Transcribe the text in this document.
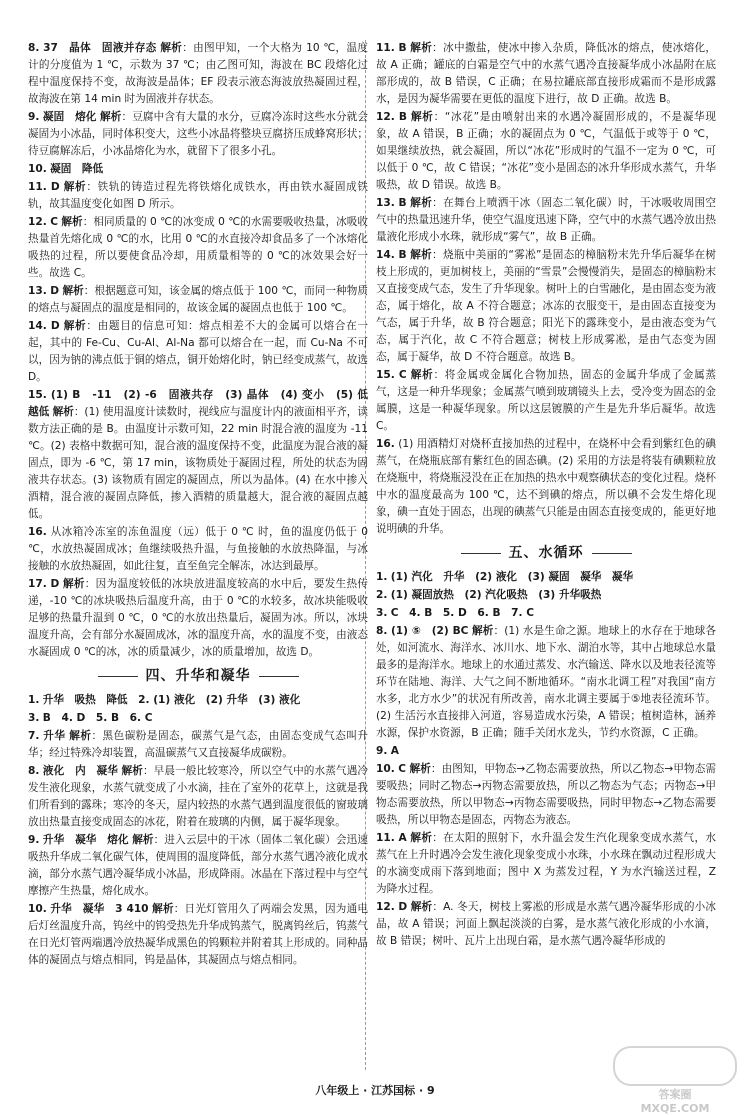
8. 37　晶体　固液并存态 解析：由图甲知，一个大格为 10 ℃，温度计的分度值为 1 ℃，示数为 37 ℃；由乙图可知，海波在 BC 段熔化过程中温度保持不变，故海波是晶体；EF 段表示液态海波放热凝固过程，故海波在第 14 min 时为固液并存状态。
9. 凝固　熔化 解析：豆腐中含有大量的水分，豆腐冷冻时这些水分就会凝固为小冰晶，同时体积变大，这些小冰晶将整块豆腐挤压成蜂窝形状；待豆腐解冻后，小冰晶熔化为水，就留下了很多小孔。
10. 凝固　降低
11. D 解析：铁轨的铸造过程先将铁熔化成铁水，再由铁水凝固成铁轨，故其温度变化如图 D 所示。
12. C 解析：相同质量的 0 ℃的冰变成 0 ℃的水需要吸收热量，冰吸收热量首先熔化成 0 ℃的水，比用 0 ℃的水直接冷却食品多了一个冰熔化吸热的过程，所以要使食品冷却，用质量相等的 0 ℃的冰效果会好一些。故选 C。
13. D 解析：根据题意可知，该金属的熔点低于 100 ℃，而同一种物质的熔点与凝固点的温度是相同的，故该金属的凝固点也低于 100 ℃。
14. D 解析：由题目的信息可知：熔点相差不大的金属可以熔合在一起，其中的 Fe-Cu、Cu-Al、Al-Na 都可以熔合在一起，而 Cu-Na 不可以，因为钠的沸点低于铜的熔点，铜开始熔化时，钠已经变成蒸气，故选 D。
15. (1) B　-11　(2) -6　固液共存　(3) 晶体　(4) 变小　(5) 低　越低 解析：(1) 使用温度计读数时，视线应与温度计内的液面相平齐，读数方法正确的是 B。由温度计示数可知，22 min 时混合液的温度为 -11 ℃。(2) 表格中数据可知，混合液的温度保持不变，此温度为混合液的凝固点，即为 -6 ℃，第 17 min，该物质处于凝固过程，所处的状态为固液共存状态。(3) 该物质有固定的凝固点，所以为晶体。(4) 在水中掺入酒精，混合液的凝固点降低，掺入酒精的质量越大，混合液的凝固点越低。
16. 从冰箱冷冻室的冻鱼温度（远）低于 0 ℃ 时，鱼的温度仍低于 0 ℃，水放热凝固成冰；鱼继续吸热升温，与鱼接触的水放热降温，与冰接触的水放热凝固，如此往复，直至鱼完全解冻，冰达到最厚。
17. D 解析：因为温度较低的冰块放进温度较高的水中后，要发生热传递，-10 ℃的冰块吸热后温度升高，由于 0 ℃的水较多，故冰块能吸收足够的热量升温到 0 ℃，0 ℃的水放出热量后，凝固为冰。所以，冰块温度升高，会有部分水凝固成冰，冰的温度升高，水的温度不变，由液态水凝固成 0 ℃的冰，冰的质量减少，冰的质量增加，故选 D。
四、升华和凝华
1. 升华　吸热　降低　2. (1) 液化　(2) 升华　(3) 液化
3. B　4. D　5. B　6. C
7. 升华 解析：黑色碳粉是固态，碳蒸气是气态，由固态变成气态叫升华；经过特殊冷却装置，高温碳蒸气又直接凝华成碳粉。
8. 液化　内　凝华 解析：早晨一般比较寒冷，所以空气中的水蒸气遇冷发生液化现象，水蒸气就变成了小水滴，挂在了室外的花草上，这就是我们所看到的露珠；寒冷的冬天，屋内较热的水蒸气遇到温度很低的窗玻璃放出热量直接变成固态的冰花，附着在玻璃的内侧，属于凝华现象。
9. 升华　凝华　熔化 解析：进入云层中的干冰（固体二氧化碳）会迅速吸热升华成二氧化碳气体，使周围的温度降低，部分水蒸气遇冷液化成水滴，部分水蒸气遇冷凝华成小冰晶，形成降雨。冰晶在下落过程中与空气摩擦产生热量，熔化成水。
10. 升华　凝华　3 410 解析：日光灯管用久了两端会发黑，因为通电后灯丝温度升高，钨丝中的钨受热先升华成钨蒸气，脱离钨丝后，钨蒸气在日光灯管两端遇冷放热凝华成黑色的钨颗粒并附着其上形成的。同种晶体的凝固点与熔点相同，钨是晶体，其凝固点与熔点相同。
11. B 解析：冰中撒盐，使冰中掺入杂质，降低冰的熔点，使冰熔化，故 A 正确；罐底的白霜是空气中的水蒸气遇冷直接凝华成小冰晶附在底部形成的，故 B 错误，C 正确；在易拉罐底部直接形成霜而不是形成露水，是因为凝华需要在更低的温度下进行，故 D 正确。故选 B。
12. B 解析：“冰花”是由喷射出来的水遇冷凝固形成的，不是凝华现象，故 A 错误，B 正确；水的凝固点为 0 ℃，气温低于或等于 0 ℃，如果继续放热，就会凝固，所以“冰花”形成时的气温不一定为 0 ℃，可以低于 0 ℃，故 C 错误；“冰花”变小是固态的冰升华形成水蒸气，升华吸热，故 D 错误。故选 B。
13. B 解析：在舞台上喷洒干冰（固态二氧化碳）时，干冰吸收周围空气中的热量迅速升华，使空气温度迅速下降，空气中的水蒸气遇冷放出热量液化形成小水珠，就形成“雾气”，故 B 正确。
14. B 解析：烧瓶中美丽的“雾凇”是固态的樟脑粉末先升华后凝华在树枝上形成的，更加树枝上，美丽的“雪景”会慢慢消失，是固态的樟脑粉末又直接变成气态，发生了升华现象。树叶上的白雪融化，是由固态变为液态，属于熔化，故 A 不符合题意；冰冻的衣服变干，是由固态直接变为气态，属于升华，故 B 符合题意；阳光下的露珠变小，是由液态变为气态，属于汽化，故 C 不符合题意；树枝上形成雾凇，是由气态变为固态，属于凝华，故 D 不符合题意。故选 B。
15. C 解析：将金属或金属化合物加热，固态的金属升华成了金属蒸气，这是一种升华现象；金属蒸气喷到玻璃镜头上去，受冷变为固态的金属膜，这是一种凝华现象。所以这层镀膜的产生是先升华后凝华。故选 C。
16. (1) 用酒精灯对烧杯直接加热的过程中，在烧杯中会看到紫红色的碘蒸气，在烧瓶底部有紫红色的固态碘。(2) 采用的方法是将装有碘颗粒放在烧瓶中，将烧瓶浸没在正在加热的热水中观察碘状态的变化过程。烧杯中水的温度最高为 100 ℃，达不到碘的熔点，所以碘不会发生熔化现象，碘一直处于固态，出现的碘蒸气只能是由固态直接变成的，能更好地说明碘的升华。
五、水循环
1. (1) 汽化　升华　(2) 液化　(3) 凝固　凝华　凝华
2. (1) 凝固放热　(2) 汽化吸热　(3) 升华吸热
3. C　4. B　5. D　6. B　7. C
8. (1) ⑤　(2) BC 解析：(1) 水是生命之源。地球上的水存在于地球各处，如河流水、海洋水、冰川水、地下水、湖泊水等，其中占地球总水量最多的是海洋水。地球上的水通过蒸发、水汽输送、降水以及地表径流等环节在陆地、海洋、大气之间不断地循环。“南水北调工程”对我国“南方水多，北方水少”的状况有所改善，南水北调主要属于⑤地表径流环节。(2) 生活污水直接排入河道，容易造成水污染，A 错误；植树造林，涵养水源，保护水资源，B 正确；随手关闭水龙头，节约水资源，C 正确。
9. A
10. C 解析：由图知，甲物态→乙物态需要放热，所以乙物态→甲物态需要吸热；同时乙物态→丙物态需要放热，所以乙物态为气态；丙物态→甲物态需要放热，所以甲物态→丙物态需要吸热，同时甲物态→乙物态需要吸热，所以甲物态是固态，丙物态为液态。
11. A 解析：在太阳的照射下，水升温会发生汽化现象变成水蒸气，水蒸气在上升时遇冷会发生液化现象变成小水珠，小水珠在飘动过程形成大的水滴变成雨下落到地面；图中 X 为蒸发过程，Y 为水汽输送过程，Z 为降水过程。
12. D 解析：A. 冬天，树枝上雾凇的形成是水蒸气遇冷凝华形成的小冰晶，故 A 错误；河面上飘起淡淡的白雾，是水蒸气液化形成的小水滴，故 B 错误；树叶、瓦片上出现白霜，是水蒸气遇冷凝华形成的
八年级上 · 江苏国标 · 9	答案圈
MXQE.COM
